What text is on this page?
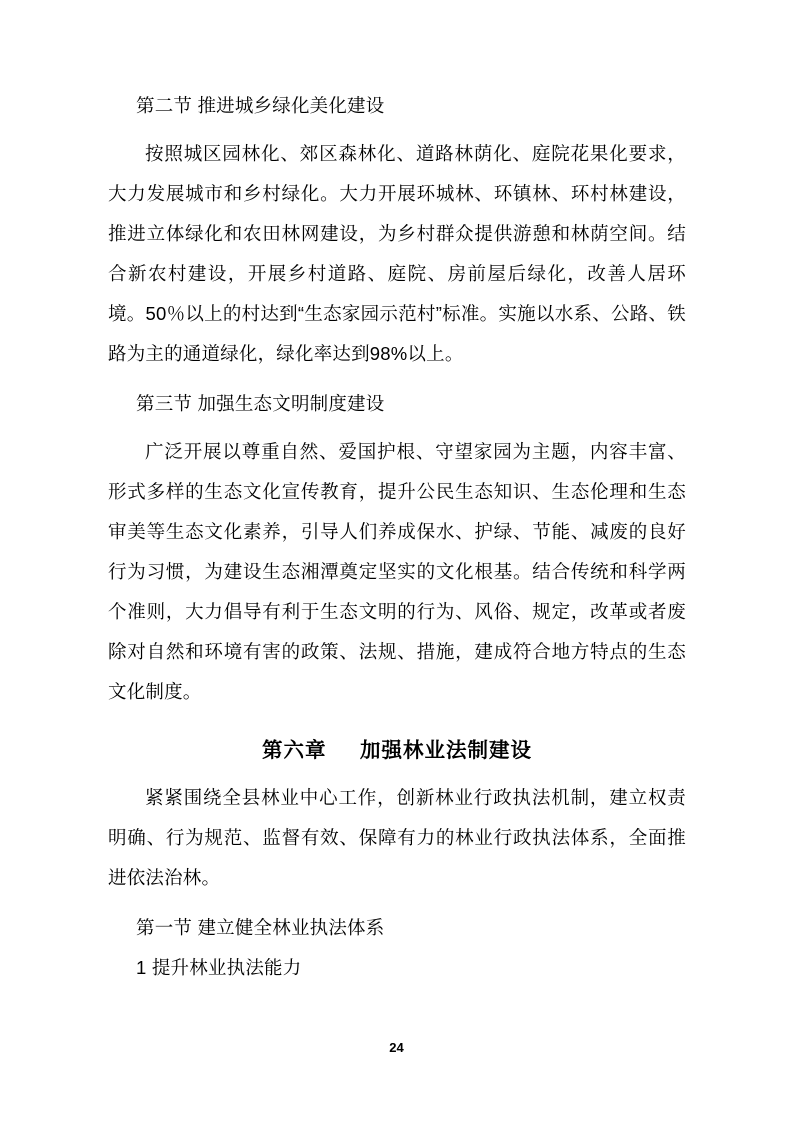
第二节 推进城乡绿化美化建设

按照城区园林化、郊区森林化、道路林荫化、庭院花果化要求，大力发展城市和乡村绿化。大力开展环城林、环镇林、环村林建设，推进立体绿化和农田林网建设，为乡村群众提供游憩和林荫空间。结合新农村建设，开展乡村道路、庭院、房前屋后绿化，改善人居环境。50％以上的村达到“生态家园示范村”标准。实施以水系、公路、铁路为主的通道绿化，绿化率达到98%以上。

第三节 加强生态文明制度建设

广泛开展以尊重自然、爱国护根、守望家园为主题，内容丰富、形式多样的生态文化宣传教育，提升公民生态知识、生态伦理和生态审美等生态文化素养，引导人们养成保水、护绿、节能、减废的良好行为习惯，为建设生态湘潭奠定坚实的文化根基。结合传统和科学两个准则，大力倡导有利于生态文明的行为、风俗、规定，改革或者废除对自然和环境有害的政策、法规、措施，建成符合地方特点的生态文化制度。

第六章 加强林业法制建设

紧紧围绕全县林业中心工作，创新林业行政执法机制，建立权责明确、行为规范、监督有效、保障有力的林业行政执法体系，全面推进依法治林。

第一节 建立健全林业执法体系

1 提升林业执法能力

24
